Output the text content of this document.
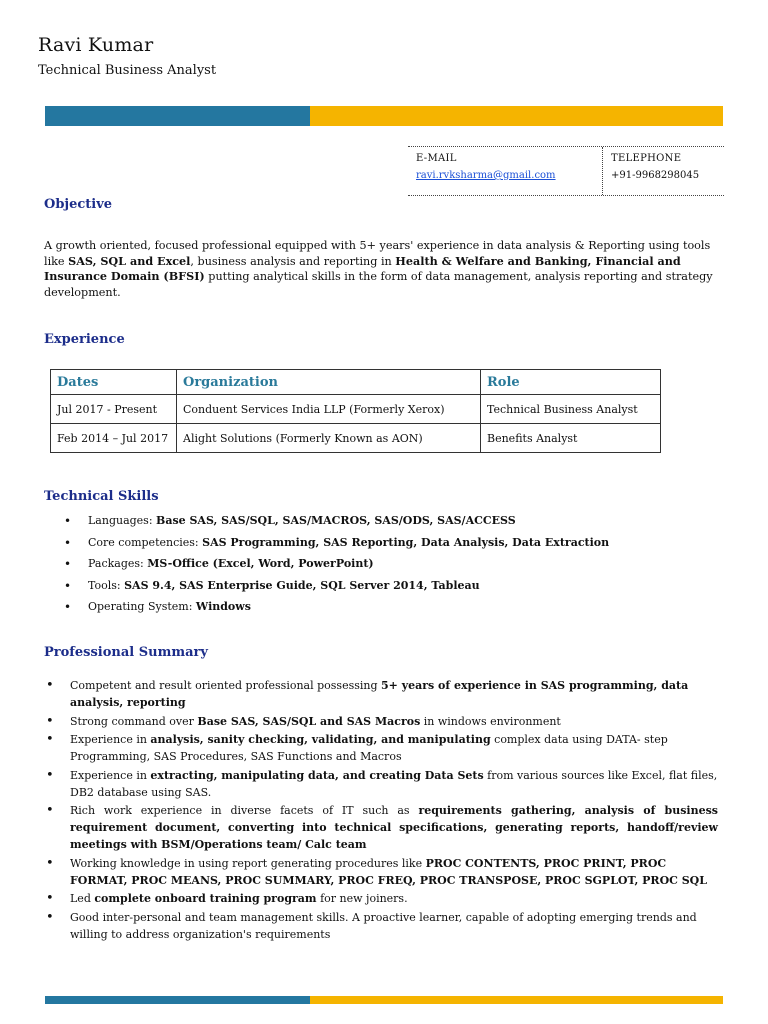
Ravi Kumar
Technical Business Analyst
E-MAIL
ravi.rvksharma@gmail.com
TELEPHONE
+91-9968298045
Objective
A growth oriented, focused professional equipped with 5+ years' experience in data analysis & Reporting using tools like SAS, SQL and Excel, business analysis and reporting in Health & Welfare and Banking, Financial and Insurance Domain (BFSI) putting analytical skills in the form of data management, analysis reporting and strategy development.
Experience
Dates	Organization	Role
Jul 2017 - Present	Conduent Services India LLP (Formerly Xerox)	Technical Business Analyst
Feb 2014 – Jul 2017	Alight Solutions (Formerly Known as AON)	Benefits Analyst
Technical Skills
• Languages: Base SAS, SAS/SQL, SAS/MACROS, SAS/ODS, SAS/ACCESS
• Core competencies: SAS Programming, SAS Reporting, Data Analysis, Data Extraction
• Packages: MS-Office (Excel, Word, PowerPoint)
• Tools: SAS 9.4, SAS Enterprise Guide, SQL Server 2014, Tableau
• Operating System: Windows
Professional Summary
• Competent and result oriented professional possessing 5+ years of experience in SAS programming, data analysis, reporting
• Strong command over Base SAS, SAS/SQL and SAS Macros in windows environment
• Experience in analysis, sanity checking, validating, and manipulating complex data using DATA- step Programming, SAS Procedures, SAS Functions and Macros
• Experience in extracting, manipulating data, and creating Data Sets from various sources like Excel, flat files, DB2 database using SAS.
• Rich work experience in diverse facets of IT such as requirements gathering, analysis of business requirement document, converting into technical specifications, generating reports, handoff/review meetings with BSM/Operations team/ Calc team
• Working knowledge in using report generating procedures like PROC CONTENTS, PROC PRINT, PROC FORMAT, PROC MEANS, PROC SUMMARY, PROC FREQ, PROC TRANSPOSE, PROC SGPLOT, PROC SQL
• Led complete onboard training program for new joiners.
• Good inter-personal and team management skills. A proactive learner, capable of adopting emerging trends and willing to address organization's requirements
